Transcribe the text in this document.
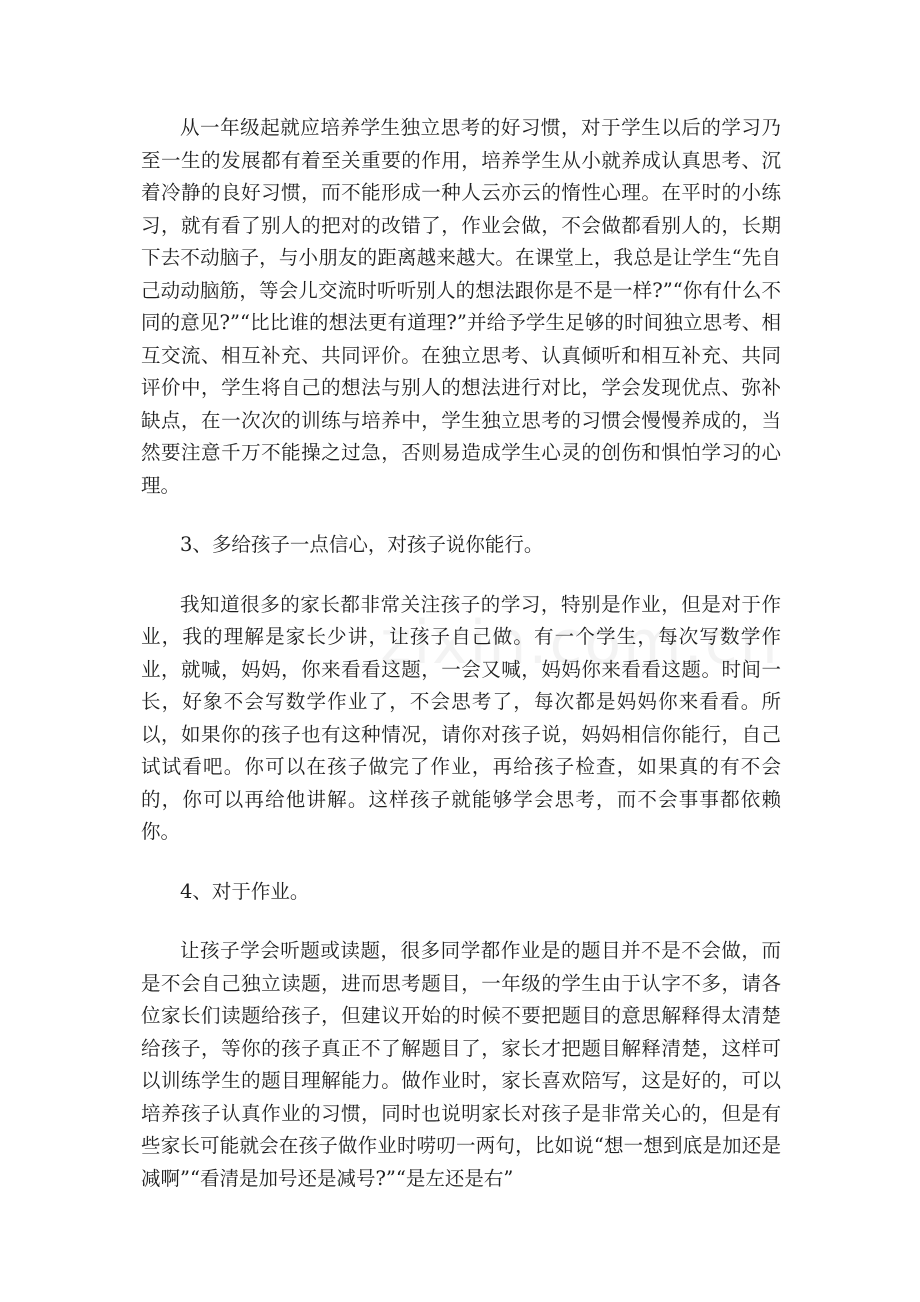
从一年级起就应培养学生独立思考的好习惯，对于学生以后的学习乃至一生的发展都有着至关重要的作用，培养学生从小就养成认真思考、沉着冷静的良好习惯，而不能形成一种人云亦云的惰性心理。在平时的小练习，就有看了别人的把对的改错了，作业会做，不会做都看别人的，长期下去不动脑子，与小朋友的距离越来越大。在课堂上，我总是让学生“先自己动动脑筋，等会儿交流时听听别人的想法跟你是不是一样?”“你有什么不同的意见?”“比比谁的想法更有道理?”并给予学生足够的时间独立思考、相互交流、相互补充、共同评价。在独立思考、认真倾听和相互补充、共同评价中，学生将自己的想法与别人的想法进行对比，学会发现优点、弥补缺点，在一次次的训练与培养中，学生独立思考的习惯会慢慢养成的，当然要注意千万不能操之过急，否则易造成学生心灵的创伤和惧怕学习的心理。

3、多给孩子一点信心，对孩子说你能行。

我知道很多的家长都非常关注孩子的学习，特别是作业，但是对于作业，我的理解是家长少讲，让孩子自己做。有一个学生，每次写数学作业，就喊，妈妈，你来看看这题，一会又喊，妈妈你来看看这题。时间一长，好象不会写数学作业了，不会思考了，每次都是妈妈你来看看。所以，如果你的孩子也有这种情况，请你对孩子说，妈妈相信你能行，自己试试看吧。你可以在孩子做完了作业，再给孩子检查，如果真的有不会的，你可以再给他讲解。这样孩子就能够学会思考，而不会事事都依赖你。

4、对于作业。

让孩子学会听题或读题，很多同学都作业是的题目并不是不会做，而是不会自己独立读题，进而思考题目，一年级的学生由于认字不多，请各位家长们读题给孩子，但建议开始的时候不要把题目的意思解释得太清楚给孩子，等你的孩子真正不了解题目了，家长才把题目解释清楚，这样可以训练学生的题目理解能力。做作业时，家长喜欢陪写，这是好的，可以培养孩子认真作业的习惯，同时也说明家长对孩子是非常关心的，但是有些家长可能就会在孩子做作业时唠叨一两句，比如说“想一想到底是加还是减啊”“看清是加号还是减号?”“是左还是右”
